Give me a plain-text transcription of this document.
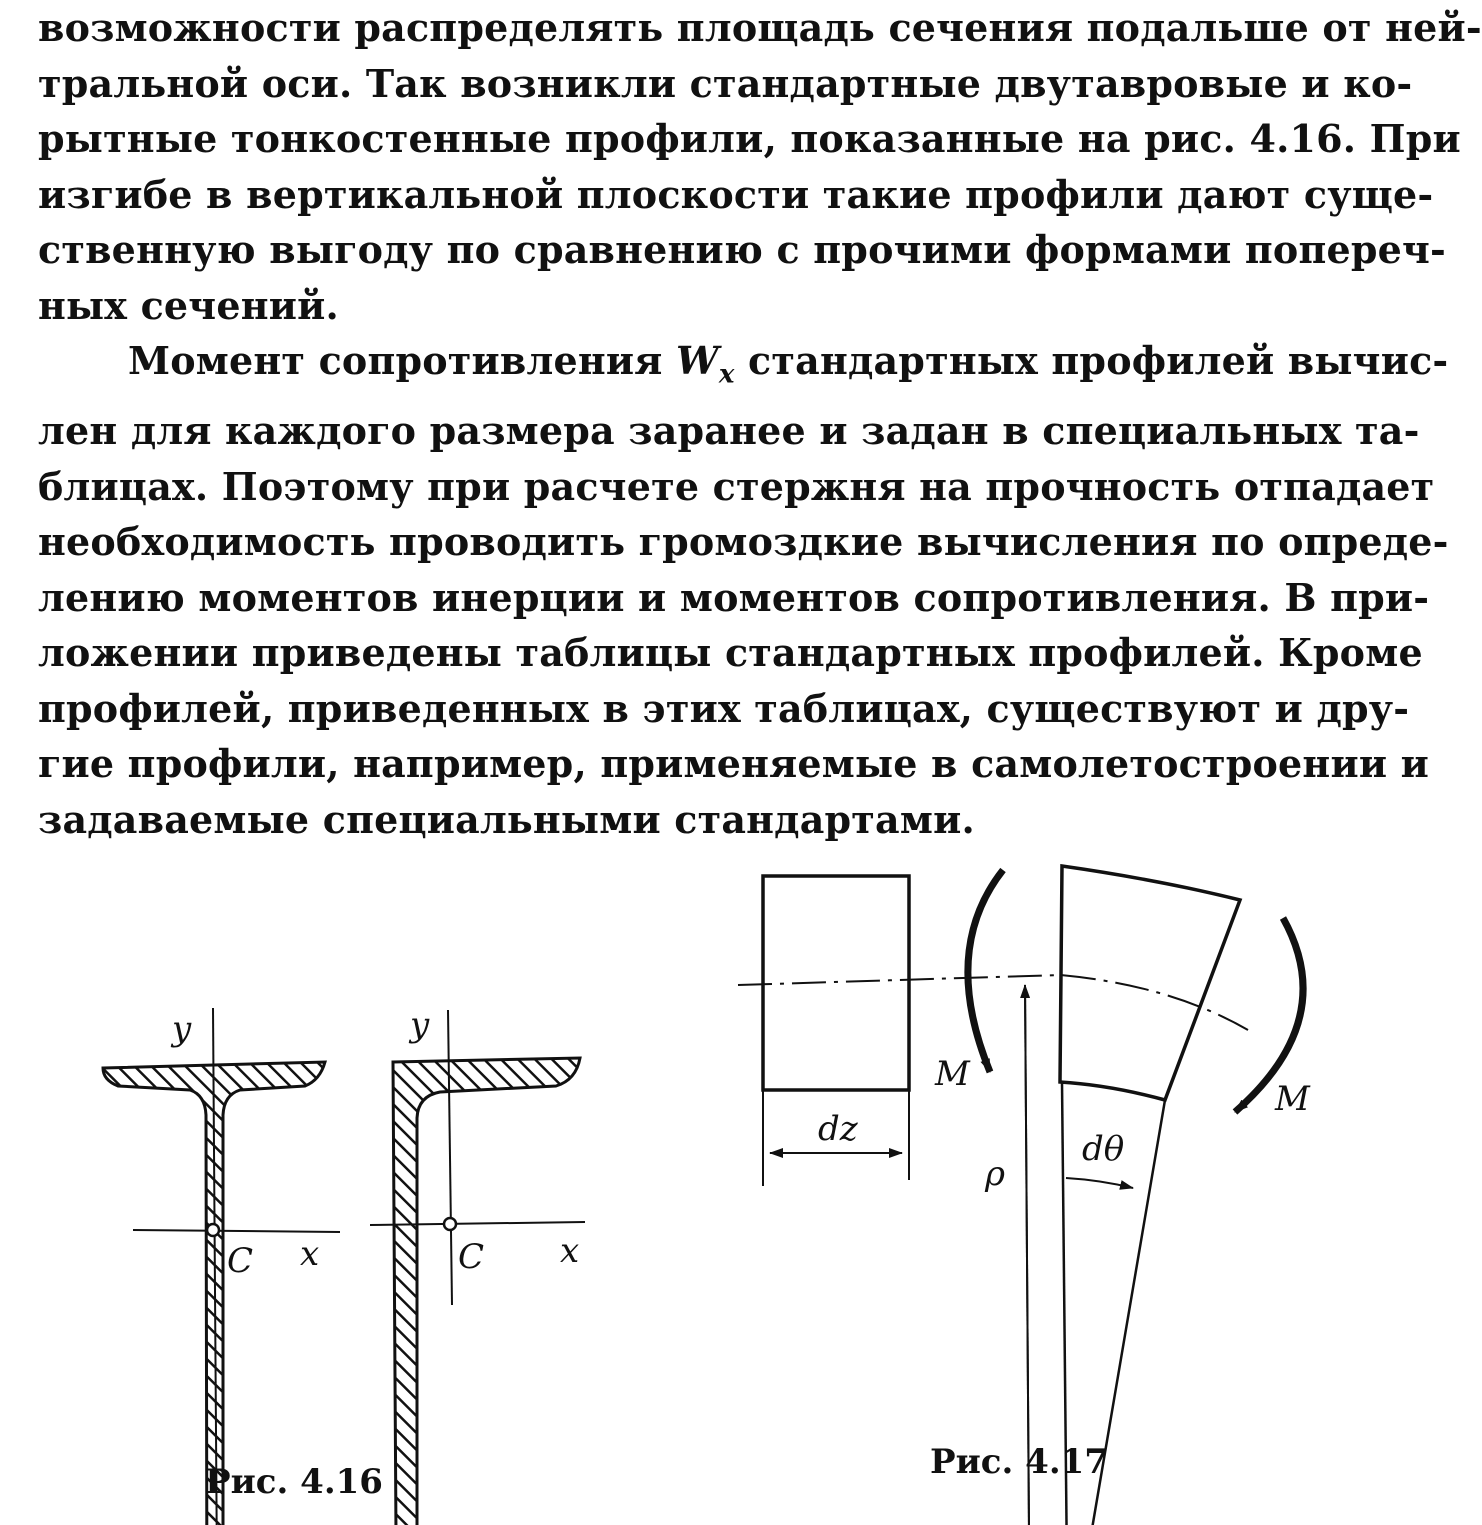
возможности распределять площадь сечения подальше от ней-
тральной оси. Так возникли стандартные двутавровые и ко-
рытные тонкостенные профили, показанные на рис. 4.16. При
изгибе в вертикальной плоскости такие профили дают суще-
ственную выгоду по сравнению с прочими формами попереч-
ных сечений.
Момент сопротивления $W_x$ стандартных профилей вычис-
лен для каждого размера заранее и задан в специальных та-
блицах. Поэтому при расчете стержня на прочность отпадает
необходимость проводить громоздкие вычисления по опреде-
лению моментов инерции и моментов сопротивления. В при-
ложении приведены таблицы стандартных профилей. Кроме
профилей, приведенных в этих таблицах, существуют и дру-
гие профили, например, применяемые в самолетостроении и
задаваемые специальными стандартами.
y
C x
y
C x
dz
ρ
dθ
M
M
Рис. 4.16	Рис. 4.17
